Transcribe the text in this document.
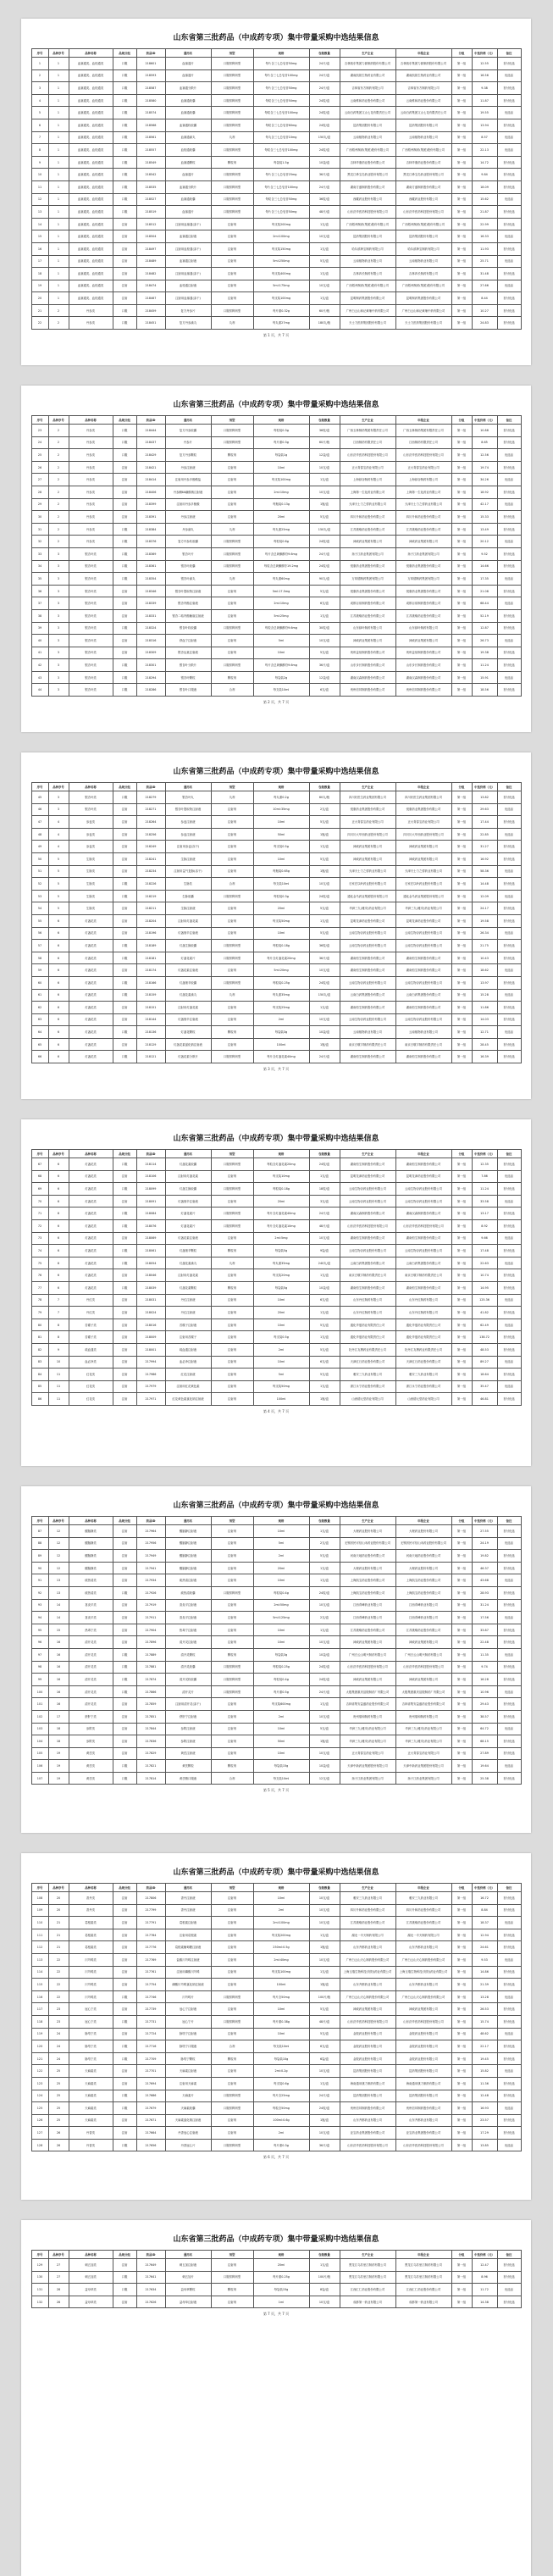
山东省第三批药品（中成药专项）集中带量采购中选结果信息
序号	品种序号	品种名称	品规分组	药品ID	通用名	剂型	规格	包装数量	生产企业	申报企业	分组	中选价格（元）	备注
1	1	血塞通类、血栓通类	口服	218601	血塞通片	口服常释剂型	每片含三七总皂苷50mg	24片/盒	吉林敖东集团力源制药股份有限公司	吉林敖东集团力源制药股份有限公司	第一组	12.55	首付优选
2	1	血塞通类、血栓通类	口服	218593	血塞通片	口服常释剂型	每片含三七总皂苷100mg	24片/盒	湖南凯铂生物药业有限公司	湖南凯铂生物药业有限公司	第一组	16.56	优选品
3	1	血塞通类、血栓通类	口服	218587	血塞通分散片	口服常释剂型	每片含三七总皂苷50mg	24片/盒	吉林省东方制药有限公司	吉林省东方制药有限公司	第一组	9.38	首付优选
4	1	血塞通类、血栓通类	口服	218580	血塞通胶囊	口服常释剂型	每粒含三七总皂苷50mg	24粒/盒	云南维和药业股份有限公司	云南维和药业股份有限公司	第一组	11.87	首付优选
5	1	血塞通类、血栓通类	口服	218574	血塞通胶囊	口服常释剂型	每粒含三七总皂苷100mg	24粒/盒	云南白药集团文山七花有限责任公司	云南白药集团文山七花有限责任公司	第一组	19.55	优选品
6	1	血塞通类、血栓通类	口服	218568	血塞通软胶囊	口服常释剂型	每粒含三七总皂苷60mg	24粒/盒	昆药集团股份有限公司	昆药集团股份有限公司	第一组	13.94	首付优选
7	1	血塞通类、血栓通类	口服	218561	血塞通滴丸	丸剂	每丸含三七总皂苷10mg	150丸/盒	云南植物药业有限公司	云南植物药业有限公司	第一组	8.57	优选品
8	1	血塞通类、血栓通类	口服	218557	血栓通胶囊	口服常释剂型	每粒含三七总皂苷100mg	24粒/盒	广西梧州制药(集团)股份有限公司	广西梧州制药(集团)股份有限公司	第一组	22.13	优选品
9	1	血塞通类、血栓通类	口服	218549	血塞通颗粒	颗粒剂	每袋装1.5g	10袋/盒	吉林华康药业股份有限公司	吉林华康药业股份有限公司	第一组	14.72	首付优选
10	1	血塞通类、血栓通类	口服	218542	血塞通片	口服常释剂型	每片含三七总皂苷25mg	36片/盒	黑龙江珍宝岛药业股份有限公司	黑龙江珍宝岛药业股份有限公司	第一组	9.84	首付优选
11	1	血塞通类、血栓通类	口服	218535	血塞通分散片	口服常释剂型	每片含三七总皂苷100mg	24片/盒	湖南方盛制药股份有限公司	湖南方盛制药股份有限公司	第一组	18.09	首付优选
12	1	血塞通类、血栓通类	口服	218527	血塞通胶囊	口服常释剂型	每粒含三七总皂苷50mg	36粒/盒	西藏药业股份有限公司	西藏药业股份有限公司	第一组	15.62	优选品
13	1	血塞通类、血栓通类	口服	218519	血塞通片	口服常释剂型	每片含三七总皂苷50mg	48片/盒	山东沃华医药科技股份有限公司	山东沃华医药科技股份有限公司	第一组	21.87	首付优选
14	1	血塞通类、血栓通类	注射	218512	注射用血塞通(冻干)	注射剂	每支装200mg	1支/盒	广西梧州制药(集团)股份有限公司	广西梧州制药(集团)股份有限公司	第一组	22.99	首付优选
15	1	血塞通类、血栓通类	注射	218504	血塞通注射液	注射剂	2ml:100mg	10支/盒	昆药集团股份有限公司	昆药集团股份有限公司	第一组	16.33	优选品
16	1	血塞通类、血栓通类	注射	218497	注射用血栓通(冻干)	注射剂	每支装150mg	1支/盒	哈尔滨珍宝制药有限公司	哈尔滨珍宝制药有限公司	第一组	11.93	首付优选
17	1	血塞通类、血栓通类	注射	218489	血塞通注射液	注射剂	5ml:250mg	5支/盒	云南植物药业有限公司	云南植物药业有限公司	第一组	25.71	优选品
18	1	血塞通类、血栓通类	注射	218482	注射用血塞通(冻干)	注射剂	每支装400mg	1支/盒	吉林四长制药有限公司	吉林四长制药有限公司	第一组	31.48	首付优选
19	1	血塞通类、血栓通类	注射	218474	血栓通注射液	注射剂	5ml:175mg	10支/盒	广西梧州制药(集团)股份有限公司	广西梧州制药(集团)股份有限公司	第一组	27.66	优选品
20	1	血塞通类、血栓通类	注射	218467	注射用血塞通(冻干)	注射剂	每支装100mg	1支/盒	昆明制药集团股份有限公司	昆明制药集团股份有限公司	第一组	8.44	首付优选
21	2	丹参类	口服	218459	复方丹参片	口服常释剂型	每片重0.32g	60片/瓶	广州白云山和记黄埔中药有限公司	广州白云山和记黄埔中药有限公司	第一组	10.27	首付优选
22	2	丹参类	口服	218451	复方丹参滴丸	丸剂	每丸重27mg	180丸/瓶	天士力医药集团股份有限公司	天士力医药集团股份有限公司	第一组	24.83	首付优选
第 1 页，共 7 页
山东省第三批药品（中成药专项）集中带量采购中选结果信息
序号	品种序号	品种名称	品规分组	药品ID	通用名	剂型	规格	包装数量	生产企业	申报企业	分组	中选价格（元）	备注
23	2	丹参类	口服	218444	复方丹参胶囊	口服常释剂型	每粒装0.3g	36粒/盒	广西玉林制药集团有限责任公司	广西玉林制药集团有限责任公司	第一组	10.88	首付优选
24	2	丹参类	口服	218437	丹参片	口服常释剂型	每片重0.3g	60片/瓶	江西制药有限责任公司	江西制药有限责任公司	第一组	8.65	首付优选
25	2	丹参类	口服	218429	复方丹参颗粒	颗粒剂	每袋装1g	12袋/盒	山东沃华医药科技股份有限公司	山东沃华医药科技股份有限公司	第一组	12.56	优选品
26	2	丹参类	注射	218421	丹参注射液	注射剂	10ml	10支/盒	正大青春宝药业有限公司	正大青春宝药业有限公司	第一组	19.74	首付优选
27	2	丹参类	注射	218414	注射用丹参多酚酸盐	注射剂	每支装100mg	1支/盒	上海绿谷制药有限公司	上海绿谷制药有限公司	第一组	34.26	优选品
28	2	丹参类	注射	218406	丹参酮ⅡA磺酸钠注射液	注射剂	2ml:10mg	10支/盒	上海第一生化药业有限公司	上海第一生化药业有限公司	第一组	18.92	首付优选
29	2	丹参类	注射	218399	注射用丹参多酚酸	注射剂	每瓶装0.13g	1瓶/盒	天津天士力之骄药业有限公司	天津天士力之骄药业有限公司	第一组	42.17	优选品
30	2	丹参类	注射	218391	丹参注射液	注射剂	20ml	5支/盒	四川升和药业股份有限公司	四川升和药业股份有限公司	第一组	15.33	首付优选
31	2	丹参类	口服	218384	丹参滴丸	丸剂	每丸重25mg	150丸/盒	江苏康缘药业股份有限公司	江苏康缘药业股份有限公司	第一组	13.49	首付优选
32	2	丹参类	口服	218376	复方丹参软胶囊	口服常释剂型	每粒装0.6g	24粒/盒	神威药业集团有限公司	神威药业集团有限公司	第一组	20.12	优选品
33	3	银杏叶类	口服	218369	银杏叶片	口服常释剂型	每片含总黄酮醇苷9.6mg	24片/盒	扬子江药业集团有限公司	扬子江药业集团有限公司	第一组	9.52	首付优选
34	3	银杏叶类	口服	218361	银杏叶胶囊	口服常释剂型	每粒含总黄酮醇苷19.2mg	24粒/盒	悦康药业集团股份有限公司	悦康药业集团股份有限公司	第一组	14.66	首付优选
35	3	银杏叶类	口服	218354	银杏叶滴丸	丸剂	每丸重60mg	90丸/盒	万邦德制药集团有限公司	万邦德制药集团有限公司	第一组	17.35	优选品
36	3	银杏叶类	注射	218346	银杏叶提取物注射液	注射剂	5ml:17.5mg	5支/盒	悦康药业集团股份有限公司	悦康药业集团股份有限公司	第一组	21.08	首付优选
37	3	银杏叶类	注射	218339	银杏内酯注射液	注射剂	2ml:10mg	6支/盒	成都百裕制药股份有限公司	成都百裕制药股份有限公司	第一组	68.44	优选品
38	3	银杏叶类	注射	218331	银杏二萜内酯葡胺注射液	注射剂	5ml:25mg	1支/盒	江苏康缘药业股份有限公司	江苏康缘药业股份有限公司	第一组	52.19	首付优选
39	3	银杏叶类	口服	218324	银杏叶软胶囊	口服常释剂型	每粒含总黄酮醇苷9.6mg	30粒/盒	山东绿叶制药有限公司	山东绿叶制药有限公司	第一组	12.87	首付优选
40	3	银杏叶类	注射	218316	舒血宁注射液	注射剂	5ml	10支/盒	神威药业集团有限公司	神威药业集团有限公司	第一组	26.73	优选品
41	3	银杏叶类	注射	218309	银杏达莫注射液	注射剂	10ml	5支/盒	贵州益佰制药股份有限公司	贵州益佰制药股份有限公司	第一组	19.38	首付优选
42	3	银杏叶类	口服	218301	银杏叶分散片	口服常释剂型	每片含总黄酮醇苷9.6mg	36片/盒	山东步长制药股份有限公司	山东步长制药股份有限公司	第一组	11.24	首付优选
43	3	银杏叶类	口服	218294	银杏叶颗粒	颗粒剂	每袋装2g	12袋/盒	湖南汉森制药股份有限公司	湖南汉森制药股份有限公司	第一组	15.91	优选品
44	3	银杏叶类	口服	218286	银杏叶口服液	合剂	每支装10ml	6支/盒	贵州信邦制药股份有限公司	贵州信邦制药股份有限公司	第一组	18.56	首付优选
第 2 页，共 7 页
山东省第三批药品（中成药专项）集中带量采购中选结果信息
序号	品种序号	品种名称	品规分组	药品ID	通用名	剂型	规格	包装数量	生产企业	申报企业	分组	中选价格（元）	备注
45	3	银杏叶类	口服	218279	银杏叶丸	丸剂	每丸重0.2g	60丸/瓶	四川好医生药业集团有限公司	四川好医生药业集团有限公司	第一组	13.82	首付优选
46	3	银杏叶类	注射	218271	银杏叶提取物注射液	注射剂	10ml:35mg	2支/盒	悦康药业集团股份有限公司	悦康药业集团股份有限公司	第一组	29.63	优选品
47	4	参麦类	注射	218264	参麦注射液	注射剂	10ml	5支/盒	正大青春宝药业有限公司	正大青春宝药业有限公司	第一组	17.44	首付优选
48	4	参麦类	注射	218256	参麦注射液	注射剂	50ml	1瓶/盒	四川川大华西药业股份有限公司	四川川大华西药业股份有限公司	第一组	22.85	优选品
49	4	参麦类	注射	218249	注射用参麦(冻干)	注射剂	每支装0.5g	1支/盒	神威药业集团有限公司	神威药业集团有限公司	第一组	31.27	首付优选
50	5	生脉类	注射	218241	生脉注射液	注射剂	10ml	5支/盒	神威药业集团有限公司	神威药业集团有限公司	第一组	16.92	首付优选
51	5	生脉类	注射	218234	注射用益气复脉(冻干)	注射剂	每瓶装0.65g	1瓶/盒	天津天士力之骄药业有限公司	天津天士力之骄药业有限公司	第一组	58.36	优选品
52	5	生脉类	口服	218226	生脉饮	合剂	每支装10ml	10支/盒	石家庄以岭药业股份有限公司	石家庄以岭药业股份有限公司	第一组	14.48	首付优选
53	5	生脉类	口服	218219	生脉胶囊	口服常释剂型	每粒装0.3g	24粒/盒	通化金马药业集团股份有限公司	通化金马药业集团股份有限公司	第一组	12.09	优选品
54	5	生脉类	注射	218211	生脉注射液	注射剂	20ml	5支/盒	华润三九(雅安)药业有限公司	华润三九(雅安)药业有限公司	第一组	24.17	首付优选
55	6	灯盏花类	注射	218204	注射用灯盏花素	注射剂	每支装50mg	1支/盒	昆明龙津药业股份有限公司	昆明龙津药业股份有限公司	第一组	19.58	首付优选
56	6	灯盏花类	注射	218196	灯盏细辛注射液	注射剂	10ml	5支/盒	云南生物谷药业股份有限公司	云南生物谷药业股份有限公司	第一组	26.34	优选品
57	6	灯盏花类	口服	218189	灯盏生脉胶囊	口服常释剂型	每粒装0.18g	36粒/盒	云南生物谷药业股份有限公司	云南生物谷药业股份有限公司	第一组	21.75	首付优选
58	6	灯盏花类	口服	218181	灯盏花素片	口服常释剂型	每片含灯盏花素20mg	36片/盒	湖南恒生制药股份有限公司	湖南恒生制药股份有限公司	第一组	10.43	首付优选
59	6	灯盏花类	注射	218174	灯盏花素注射液	注射剂	5ml:20mg	10支/盒	湖南恒生制药股份有限公司	湖南恒生制药股份有限公司	第一组	18.62	优选品
60	6	灯盏花类	口服	218166	灯盏细辛胶囊	口服常释剂型	每粒装0.25g	24粒/盒	云南生物谷药业股份有限公司	云南生物谷药业股份有限公司	第一组	13.97	首付优选
61	6	灯盏花类	口服	218159	灯盏花素滴丸	丸剂	每丸重35mg	150丸/盒	云南白药集团股份有限公司	云南白药集团股份有限公司	第一组	15.28	优选品
62	6	灯盏花类	注射	218151	注射用灯盏花素	注射剂	每支装25mg	1支/盒	湖南恒生制药股份有限公司	湖南恒生制药股份有限公司	第一组	11.86	首付优选
63	6	灯盏花类	注射	218144	灯盏细辛注射液	注射剂	2ml	10支/盒	云南生物谷药业股份有限公司	云南生物谷药业股份有限公司	第一组	14.03	首付优选
64	6	灯盏花类	口服	218136	灯盏花颗粒	颗粒剂	每袋装3g	10袋/盒	云南植物药业有限公司	云南植物药业有限公司	第一组	12.71	优选品
65	6	灯盏花类	注射	218129	灯盏花素氯化钠注射液	注射剂	100ml	1瓶/盒	南京白敬宇制药有限责任公司	南京白敬宇制药有限责任公司	第一组	28.45	首付优选
66	6	灯盏花类	口服	218121	灯盏花素分散片	口服常释剂型	每片含灯盏花素40mg	24片/盒	湖南恒生制药股份有限公司	湖南恒生制药股份有限公司	第一组	16.39	首付优选
第 3 页，共 7 页
山东省第三批药品（中成药专项）集中带量采购中选结果信息
序号	品种序号	品种名称	品规分组	药品ID	通用名	剂型	规格	包装数量	生产企业	申报企业	分组	中选价格（元）	备注
67	6	灯盏花类	口服	218114	灯盏花素胶囊	口服常释剂型	每粒含灯盏花素20mg	24粒/盒	湖南恒生制药股份有限公司	湖南恒生制药股份有限公司	第一组	12.35	首付优选
68	6	灯盏花类	注射	218106	注射用灯盏花素	注射剂	每支装10mg	1支/盒	昆明龙津药业股份有限公司	昆明龙津药业股份有限公司	第一组	7.86	优选品
69	6	灯盏花类	口服	218099	灯盏生脉胶囊	口服常释剂型	每粒装0.18g	18粒/盒	云南生物谷药业股份有限公司	云南生物谷药业股份有限公司	第一组	11.24	首付优选
70	6	灯盏花类	注射	218091	灯盏细辛注射液	注射剂	20ml	3支/盒	云南生物谷药业股份有限公司	云南生物谷药业股份有限公司	第一组	33.58	优选品
71	6	灯盏花类	口服	218084	灯盏花素片	口服常释剂型	每片含灯盏花素40mg	24片/盒	湖南汉森制药股份有限公司	湖南汉森制药股份有限公司	第一组	13.17	首付优选
72	6	灯盏花类	口服	218076	灯盏花素片	口服常释剂型	每片含灯盏花素10mg	48片/盒	山东沃华医药科技股份有限公司	山东沃华医药科技股份有限公司	第一组	8.92	首付优选
73	6	灯盏花类	注射	218069	灯盏花素注射液	注射剂	2ml:5mg	10支/盒	湖南恒生制药股份有限公司	湖南恒生制药股份有限公司	第一组	9.66	优选品
74	6	灯盏花类	口服	218061	灯盏细辛颗粒	颗粒剂	每袋装5g	9袋/盒	云南生物谷药业股份有限公司	云南生物谷药业股份有限公司	第一组	17.48	首付优选
75	6	灯盏花类	口服	218054	灯盏花素滴丸	丸剂	每丸重35mg	240丸/盒	云南白药集团股份有限公司	云南白药集团股份有限公司	第一组	22.63	优选品
76	6	灯盏花类	注射	218046	注射用灯盏花素	注射剂	每支装20mg	1支/盒	南京白敬宇制药有限责任公司	南京白敬宇制药有限责任公司	第一组	10.74	首付优选
77	6	灯盏花类	口服	218039	灯盏花素颗粒	颗粒剂	每袋装5g	10袋/盒	湖南恒生制药股份有限公司	湖南恒生制药股份有限公司	第一组	14.95	首付优选
78	7	丹红类	注射	218031	丹红注射液	注射剂	10ml	6支/盒	山东丹红制药有限公司	山东丹红制药有限公司	第一组	125.36	优选品
79	7	丹红类	注射	218024	丹红注射液	注射剂	20ml	1支/盒	山东丹红制药有限公司	山东丹红制药有限公司	第一组	41.82	首付优选
80	8	苦碟子类	注射	218016	苦碟子注射液	注射剂	10ml	5支/盒	通化华夏药业有限责任公司	通化华夏药业有限责任公司	第一组	62.49	优选品
81	8	苦碟子类	注射	218009	注射用苦碟子	注射剂	每支装0.5g	1支/盒	通化华夏药业有限责任公司	通化华夏药业有限责任公司	第一组	138.72	首付优选
82	9	疏血通类	注射	218001	疏血通注射液	注射剂	2ml	5支/盒	牡丹江友搏药业有限责任公司	牡丹江友搏药业有限责任公司	第一组	48.53	首付优选
83	10	血必净类	注射	217994	血必净注射液	注射剂	10ml	6支/盒	天津红日药业股份有限公司	天津红日药业股份有限公司	第一组	89.27	优选品
84	11	红花类	注射	217986	红花注射液	注射剂	5ml	5支/盒	雅安三九药业有限公司	雅安三九药业有限公司	第一组	18.64	首付优选
85	11	红花类	注射	217979	注射用红花黄色素	注射剂	每支装50mg	1支/盒	浙江永宁药业股份有限公司	浙江永宁药业股份有限公司	第一组	35.47	优选品
86	11	红花类	注射	217971	红花黄色素氯化钠注射液	注射剂	100ml	1瓶/盒	山西德元堂药业有限公司	山西德元堂药业有限公司	第一组	46.81	首付优选
第 4 页，共 7 页
山东省第三批药品（中成药专项）集中带量采购中选结果信息
序号	品种序号	品种名称	品规分组	药品ID	通用名	剂型	规格	包装数量	生产企业	申报企业	分组	中选价格（元）	备注
87	12	醒脑静类	注射	217964	醒脑静注射液	注射剂	10ml	1支/盒	大理药业股份有限公司	大理药业股份有限公司	第一组	27.55	首付优选
88	12	醒脑静类	注射	217956	醒脑静注射液	注射剂	5ml	2支/盒	无锡济民可信山禾药业股份有限公司	无锡济民可信山禾药业股份有限公司	第一组	24.19	优选品
89	12	醒脑静类	注射	217949	醒脑静注射液	注射剂	2ml	5支/盒	河南天地药业股份有限公司	河南天地药业股份有限公司	第一组	19.82	首付优选
90	12	醒脑静类	注射	217941	醒脑静注射液	注射剂	20ml	1支/盒	大理药业股份有限公司	大理药业股份有限公司	第一组	46.37	首付优选
91	13	痰热清类	注射	217934	痰热清注射液	注射剂	10ml	1支/盒	上海凯宝药业股份有限公司	上海凯宝药业股份有限公司	第一组	43.68	优选品
92	13	痰热清类	口服	217926	痰热清胶囊	口服常释剂型	每粒装0.4g	24粒/盒	上海凯宝药业股份有限公司	上海凯宝药业股份有限公司	第一组	28.93	首付优选
93	14	喜炎平类	注射	217919	喜炎平注射液	注射剂	2ml:50mg	10支/盒	江西青峰药业有限公司	江西青峰药业有限公司	第一组	31.24	首付优选
94	14	喜炎平类	注射	217911	喜炎平注射液	注射剂	5ml:125mg	2支/盒	江西青峰药业有限公司	江西青峰药业有限公司	第一组	17.56	优选品
95	15	热毒宁类	注射	217904	热毒宁注射液	注射剂	10ml	1支/盒	江苏康缘药业股份有限公司	江苏康缘药业股份有限公司	第一组	33.87	首付优选
96	16	清开灵类	注射	217896	清开灵注射液	注射剂	10ml	10支/盒	神威药业集团有限公司	神威药业集团有限公司	第一组	22.48	首付优选
97	16	清开灵类	口服	217889	清开灵颗粒	颗粒剂	每袋装3g	10袋/盒	广州白云山明兴制药有限公司	广州白云山明兴制药有限公司	第一组	11.35	优选品
98	16	清开灵类	口服	217881	清开灵胶囊	口服常释剂型	每粒装0.25g	24粒/盒	山东沃华医药科技股份有限公司	山东沃华医药科技股份有限公司	第一组	9.74	首付优选
99	16	清开灵类	口服	217874	清开灵软胶囊	口服常释剂型	每粒装0.4g	24粒/盒	神威药业集团有限公司	神威药业集团有限公司	第一组	16.28	首付优选
100	16	清开灵类	口服	217866	清开灵片	口服常释剂型	每片重0.5g	24片/盒	太极集团重庆涪陵制药厂有限公司	太极集团重庆涪陵制药厂有限公司	第一组	10.96	优选品
101	16	清开灵类	注射	217859	注射用清开灵(冻干)	注射剂	每支装600mg	1支/盒	吉林省集安益盛药业股份有限公司	吉林省集安益盛药业股份有限公司	第一组	29.43	首付优选
102	17	舒肝宁类	注射	217851	舒肝宁注射液	注射剂	2ml	10支/盒	贵州瑞和制药有限公司	贵州瑞和制药有限公司	第一组	38.57	首付优选
103	18	参附类	注射	217844	参附注射液	注射剂	10ml	5支/盒	华润三九(雅安)药业有限公司	华润三九(雅安)药业有限公司	第一组	64.72	优选品
104	18	参附类	注射	217836	参附注射液	注射剂	50ml	1瓶/盒	华润三九(雅安)药业有限公司	华润三九(雅安)药业有限公司	第一组	68.15	首付优选
105	19	黄芪类	注射	217829	黄芪注射液	注射剂	10ml	10支/盒	正大青春宝药业有限公司	正大青春宝药业有限公司	第一组	27.89	首付优选
106	19	黄芪类	口服	217821	黄芪颗粒	颗粒剂	每袋装15g	10袋/盒	天津中新药业集团股份有限公司	天津中新药业集团股份有限公司	第一组	19.64	优选品
107	19	黄芪类	口服	217814	黄芪精口服液	合剂	每支装10ml	12支/盒	扬子江药业集团有限公司	扬子江药业集团有限公司	第一组	25.38	首付优选
第 5 页，共 7 页
山东省第三批药品（中成药专项）集中带量采购中选结果信息
序号	品种序号	品种名称	品规分组	药品ID	通用名	剂型	规格	包装数量	生产企业	申报企业	分组	中选价格（元）	备注
108	20	香丹类	注射	217806	香丹注射液	注射剂	10ml	10支/盒	雅安三九药业有限公司	雅安三九药业有限公司	第一组	16.72	首付优选
109	20	香丹类	注射	217799	香丹注射液	注射剂	2ml	10支/盒	四川升和药业股份有限公司	四川升和药业股份有限公司	第一组	8.84	首付优选
110	21	葛根素类	注射	217791	葛根素注射液	注射剂	2ml:100mg	10支/盒	江苏康缘药业股份有限公司	江苏康缘药业股份有限公司	第一组	18.37	优选品
111	21	葛根素类	注射	217784	注射用葛根素	注射剂	每支装200mg	1支/盒	湖北一半天制药有限公司	湖北一半天制药有限公司	第一组	12.94	首付优选
112	21	葛根素类	注射	217776	葛根素葡萄糖注射液	注射剂	250ml:0.5g	1瓶/盒	山东齐都药业有限公司	山东齐都药业有限公司	第一组	24.61	首付优选
113	22	川芎嗪类	注射	217769	盐酸川芎嗪注射液	注射剂	2ml:40mg	10支/盒	广州白云山天心制药股份有限公司	广州白云山天心制药股份有限公司	第一组	9.53	优选品
114	22	川芎嗪类	注射	217761	注射用磷酸川芎嗪	注射剂	每支装100mg	1支/盒	上海玉瑞生物科技(安阳)药业有限公司	上海玉瑞生物科技(安阳)药业有限公司	第一组	14.86	首付优选
115	22	川芎嗪类	注射	217754	磷酸川芎嗪氯化钠注射液	注射剂	100ml	1瓶/盒	山东齐都药业有限公司	山东齐都药业有限公司	第一组	21.39	首付优选
116	22	川芎嗪类	口服	217746	川芎嗪片	口服常释剂型	每片含50mg	100片/瓶	广州白云山天心制药股份有限公司	广州白云山天心制药股份有限公司	第一组	13.28	优选品
117	23	冠心宁类	注射	217739	冠心宁注射液	注射剂	10ml	5支/盒	神威药业集团有限公司	神威药业集团有限公司	第一组	26.53	首付优选
118	23	冠心宁类	口服	217731	冠心宁片	口服常释剂型	每片重0.38g	48片/盒	山东沃华医药科技股份有限公司	山东沃华医药科技股份有限公司	第一组	15.74	首付优选
119	24	脉络宁类	注射	217724	脉络宁注射液	注射剂	10ml	5支/盒	金陵药业股份有限公司	金陵药业股份有限公司	第一组	48.62	优选品
120	24	脉络宁类	口服	217716	脉络宁口服液	合剂	每支装10ml	6支/盒	金陵药业股份有限公司	金陵药业股份有限公司	第一组	22.17	首付优选
121	24	脉络宁类	口服	217709	脉络宁颗粒	颗粒剂	每袋装10g	6袋/盒	金陵药业股份有限公司	金陵药业股份有限公司	第一组	19.45	首付优选
122	25	天麻素类	注射	217701	天麻素注射液	注射剂	2ml:0.2g	10支/盒	昆药集团股份有限公司	昆药集团股份有限公司	第一组	15.82	优选品
123	25	天麻素类	注射	217694	注射用天麻素	注射剂	每支装0.6g	1支/盒	海南通用康力制药有限公司	海南通用康力制药有限公司	第一组	11.36	首付优选
124	25	天麻素类	口服	217686	天麻素片	口服常释剂型	每片含25mg	24片/盒	昆药集团股份有限公司	昆药集团股份有限公司	第一组	12.48	首付优选
125	25	天麻素类	口服	217679	天麻素胶囊	口服常释剂型	每粒含50mg	24粒/盒	贵州信邦制药股份有限公司	贵州信邦制药股份有限公司	第一组	16.93	优选品
126	25	天麻素类	注射	217671	天麻素氯化钠注射液	注射剂	100ml:0.6g	1瓶/盒	山东齐都药业有限公司	山东齐都药业有限公司	第一组	23.57	首付优选
127	26	丹香类	注射	217664	丹香冠心注射液	注射剂	2ml	10支/盒	亚宝药业集团股份有限公司	亚宝药业集团股份有限公司	第一组	17.29	首付优选
128	26	丹香类	口服	217656	丹香冠心片	口服常释剂型	每片重0.3g	36片/盒	山东沃华医药科技股份有限公司	山东沃华医药科技股份有限公司	第一组	13.85	优选品
第 6 页，共 7 页
山东省第三批药品（中成药专项）集中带量采购中选结果信息
序号	品种序号	品种名称	品规分组	药品ID	通用名	剂型	规格	包装数量	生产企业	申报企业	分组	中选价格（元）	备注
129	27	刺五加类	注射	217649	刺五加注射液	注射剂	20ml	1支/盒	黑龙江乌苏里江制药有限公司	黑龙江乌苏里江制药有限公司	第一组	12.47	首付优选
130	27	刺五加类	口服	217641	刺五加片	口服常释剂型	每片重0.25g	100片/瓶	黑龙江乌苏里江制药有限公司	黑龙江乌苏里江制药有限公司	第一组	8.96	首付优选
131	28	益母草类	口服	217634	益母草颗粒	颗粒剂	每袋装15g	8袋/盒	江西汇仁药业股份有限公司	江西汇仁药业股份有限公司	第一组	11.72	优选品
132	28	益母草类	注射	217626	益母草注射液	注射剂	1ml	10支/盒	成都第一药业有限公司	成都第一药业有限公司	第一组	14.38	首付优选
第 7 页，共 7 页
